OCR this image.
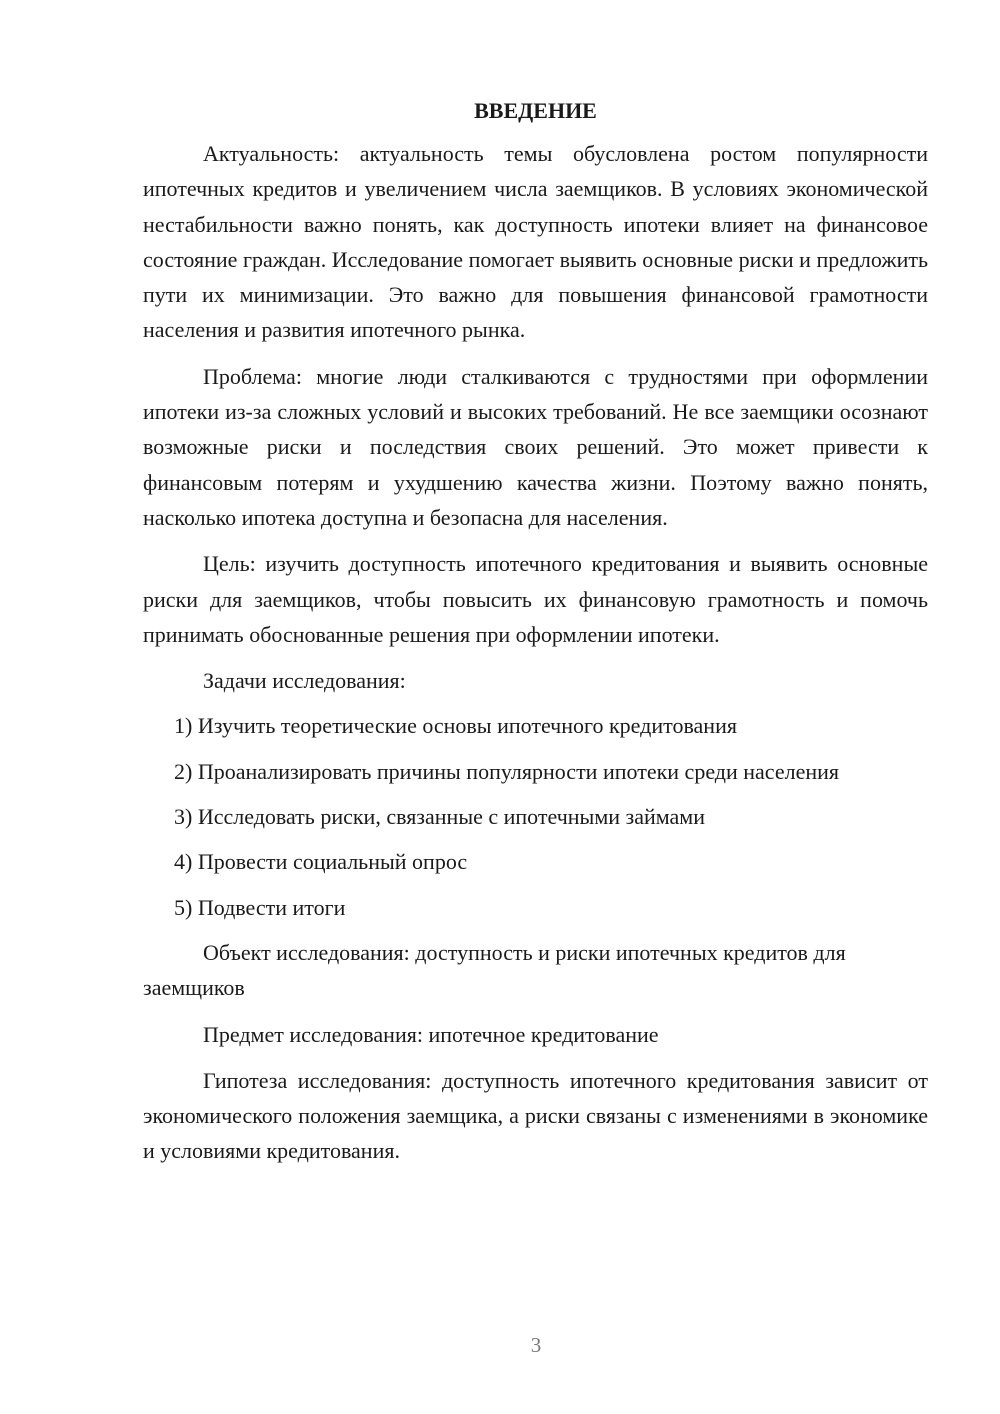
ВВЕДЕНИЕ

Актуальность: актуальность темы обусловлена ростом популярности ипотечных кредитов и увеличением числа заемщиков. В условиях экономической нестабильности важно понять, как доступность ипотеки влияет на финансовое состояние граждан. Исследование помогает выявить основные риски и предложить пути их минимизации. Это важно для повышения финансовой грамотности населения и развития ипотечного рынка.

Проблема: многие люди сталкиваются с трудностями при оформлении ипотеки из-за сложных условий и высоких требований. Не все заемщики осознают возможные риски и последствия своих решений. Это может привести к финансовым потерям и ухудшению качества жизни. Поэтому важно понять, насколько ипотека доступна и безопасна для населения.

Цель: изучить доступность ипотечного кредитования и выявить основные риски для заемщиков, чтобы повысить их финансовую грамотность и помочь принимать обоснованные решения при оформлении ипотеки.

Задачи исследования:

1) Изучить теоретические основы ипотечного кредитования
2) Проанализировать причины популярности ипотеки среди населения
3) Исследовать риски, связанные с ипотечными займами
4) Провести социальный опрос
5) Подвести итоги

Объект исследования: доступность и риски ипотечных кредитов для заемщиков

Предмет исследования: ипотечное кредитование

Гипотеза исследования: доступность ипотечного кредитования зависит от экономического положения заемщика, а риски связаны с изменениями в экономике и условиями кредитования.

3
